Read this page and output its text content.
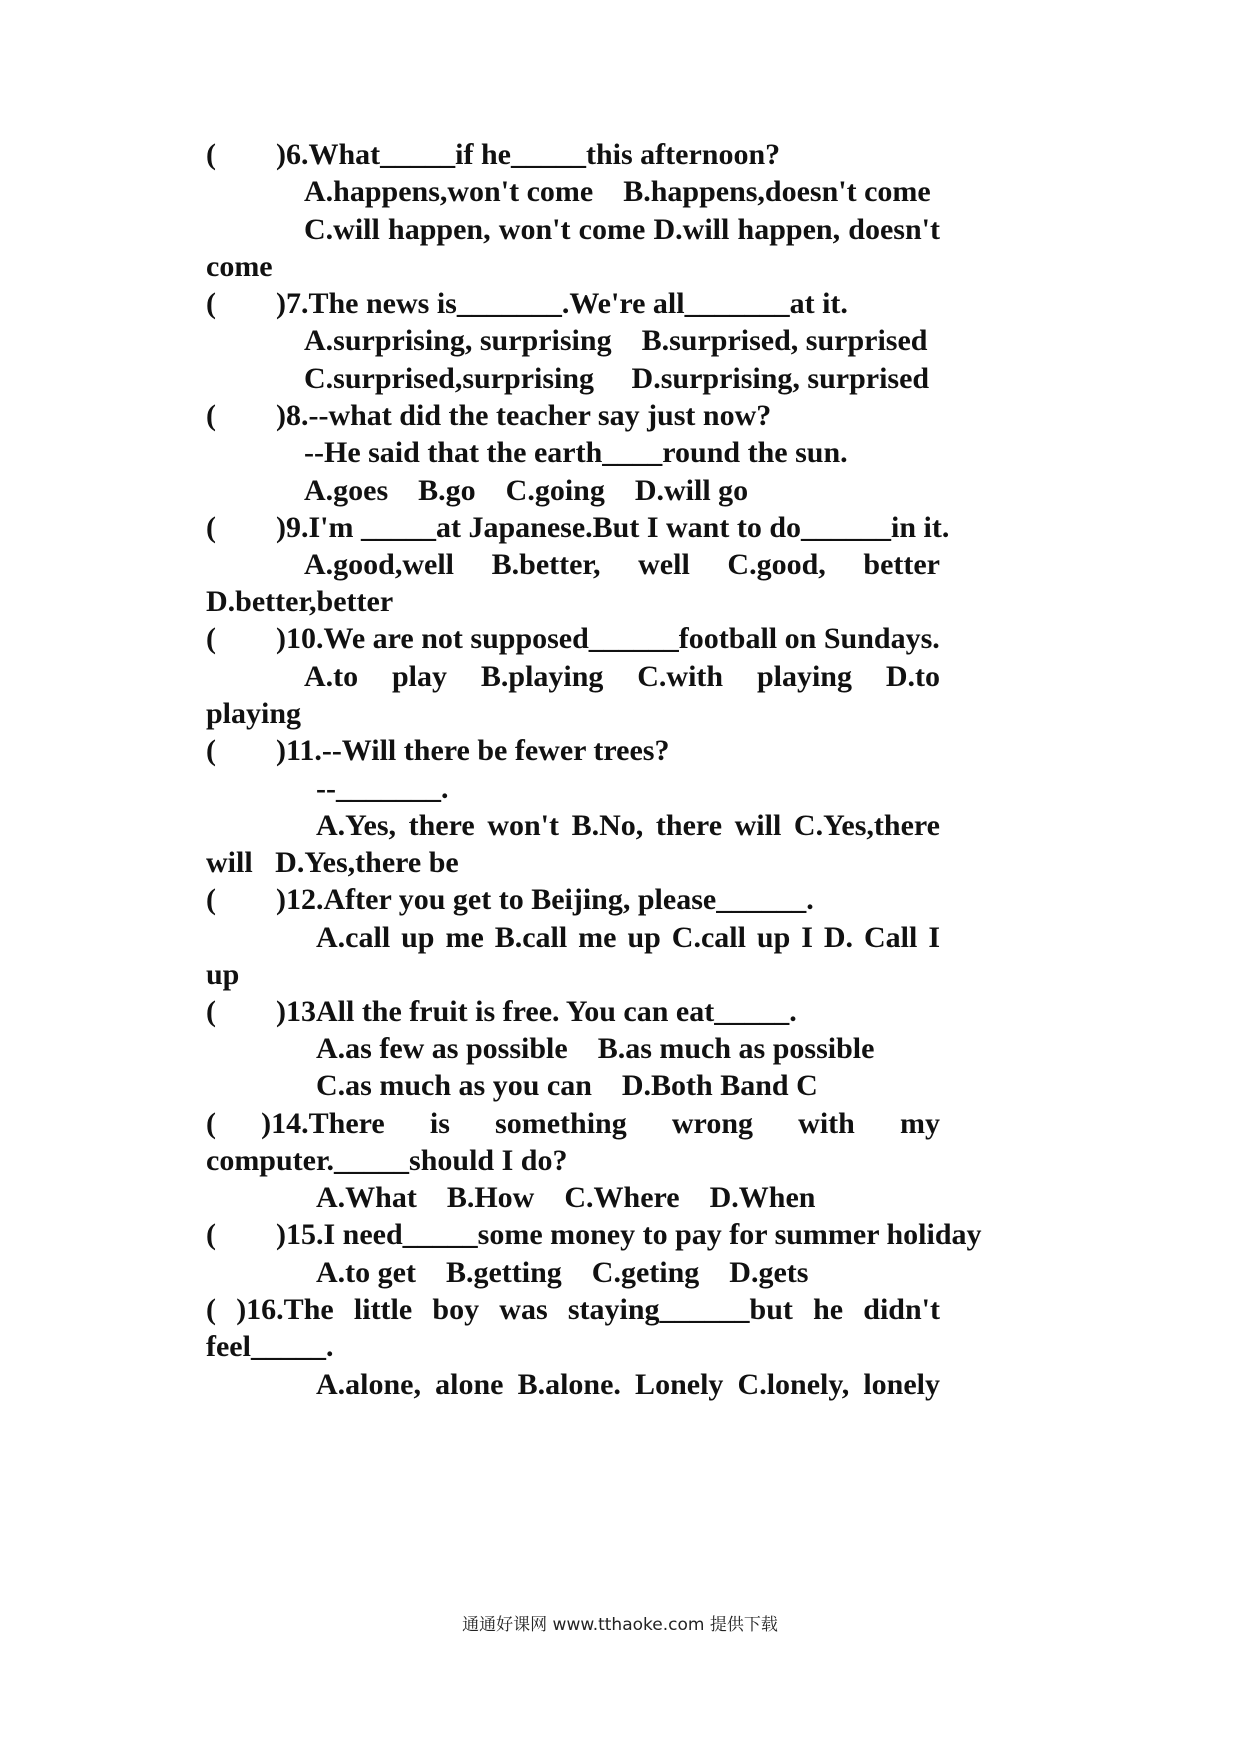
(        )6.What_____if he_____this afternoon?
A.happens,won't come    B.happens,doesn't come
C.will happen, won't come D.will happen, doesn't
come
(        )7.The news is_______.We're all_______at it.
A.surprising, surprising    B.surprised, surprised
C.surprised,surprising     D.surprising, surprised
(        )8.--what did the teacher say just now?
--He said that the earth____round the sun.
A.goes    B.go    C.going    D.will go
(        )9.I'm _____at Japanese.But I want to do______in it.
A.good,well B.better, well C.good, better
D.better,better
(        )10.We are not supposed______football on Sundays.
A.to play B.playing C.with playing D.to
playing
(        )11.--Will there be fewer trees?
--_______.
A.Yes, there won't B.No, there will C.Yes,there
will   D.Yes,there be
(        )12.After you get to Beijing, please______.
A.call up me B.call me up C.call up I D. Call I
up
(        )13All the fruit is free. You can eat_____.
A.as few as possible    B.as much as possible
C.as much as you can    D.Both Band C
( )14.There is something wrong with my
computer._____should I do?
A.What    B.How    C.Where    D.When
(        )15.I need_____some money to pay for summer holiday
A.to get    B.getting    C.geting    D.gets
( )16.The little boy was staying______but he didn't
feel_____.
A.alone, alone B.alone. Lonely C.lonely, lonely
通通好课网 www.tthaoke.com 提供下载
